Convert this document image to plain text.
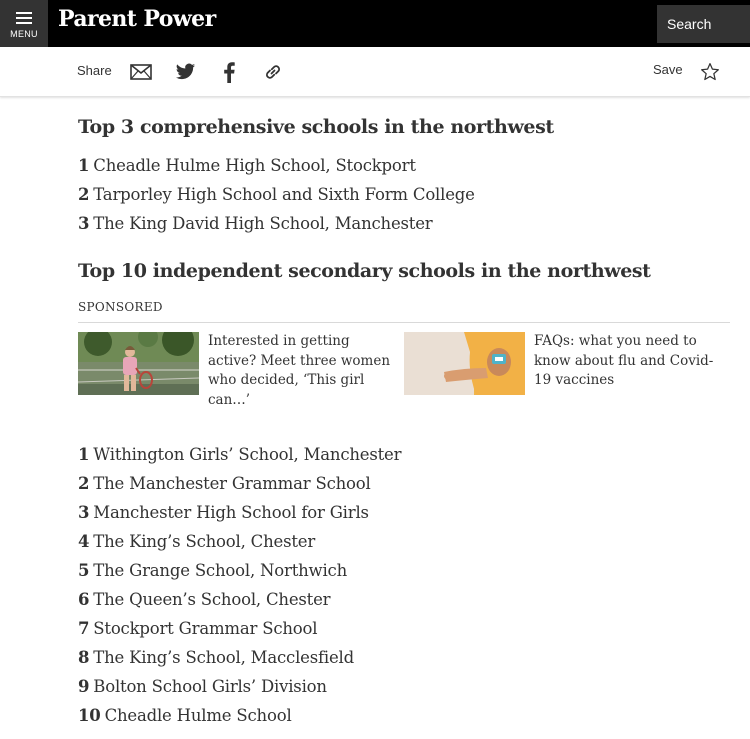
MENU
Parent Power	Search
Share	Save
Top 3 comprehensive schools in the northwest
1 Cheadle Hulme High School, Stockport
2 Tarporley High School and Sixth Form College
3 The King David High School, Manchester
Top 10 independent secondary schools in the northwest
SPONSORED
Interested in getting active? Meet three women who decided, ‘This girl can…’
FAQs: what you need to know about flu and Covid-19 vaccines
1 Withington Girls’ School, Manchester
2 The Manchester Grammar School
3 Manchester High School for Girls
4 The King’s School, Chester
5 The Grange School, Northwich
6 The Queen’s School, Chester
7 Stockport Grammar School
8 The King’s School, Macclesfield
9 Bolton School Girls’ Division
10 Cheadle Hulme School
